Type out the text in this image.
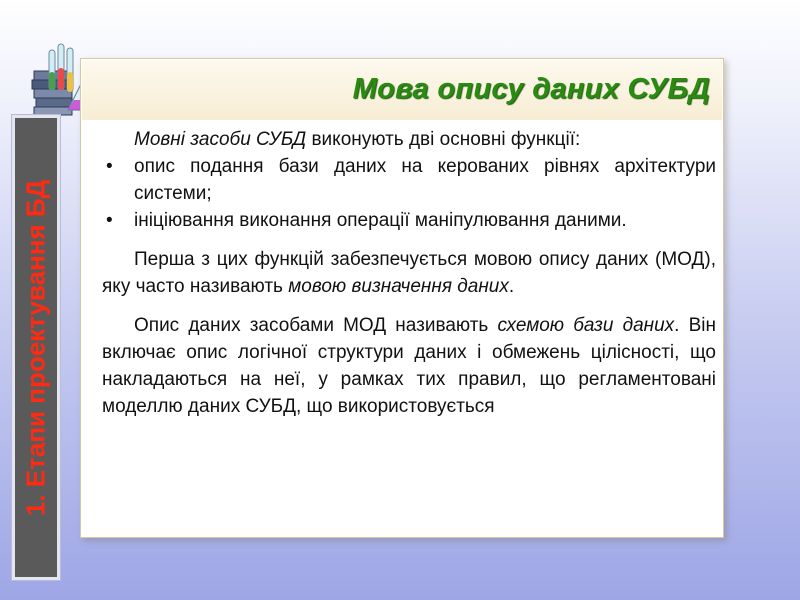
1. Етапи проектування БД
Мова опису даних СУБД

Мовні засоби СУБД виконують дві основні функції:

• опис подання бази даних на керованих рівнях архітектури системи;

• ініціювання виконання операції маніпулювання даними.

Перша з цих функцій забезпечується мовою опису даних (МОД), яку часто називають мовою визначення даних.

Опис даних засобами МОД називають схемою бази даних. Він включає опис логічної структури даних і обмежень цілісності, що накладаються на неї, у рамках тих правил, що регламентовані моделлю даних СУБД, що використовується
